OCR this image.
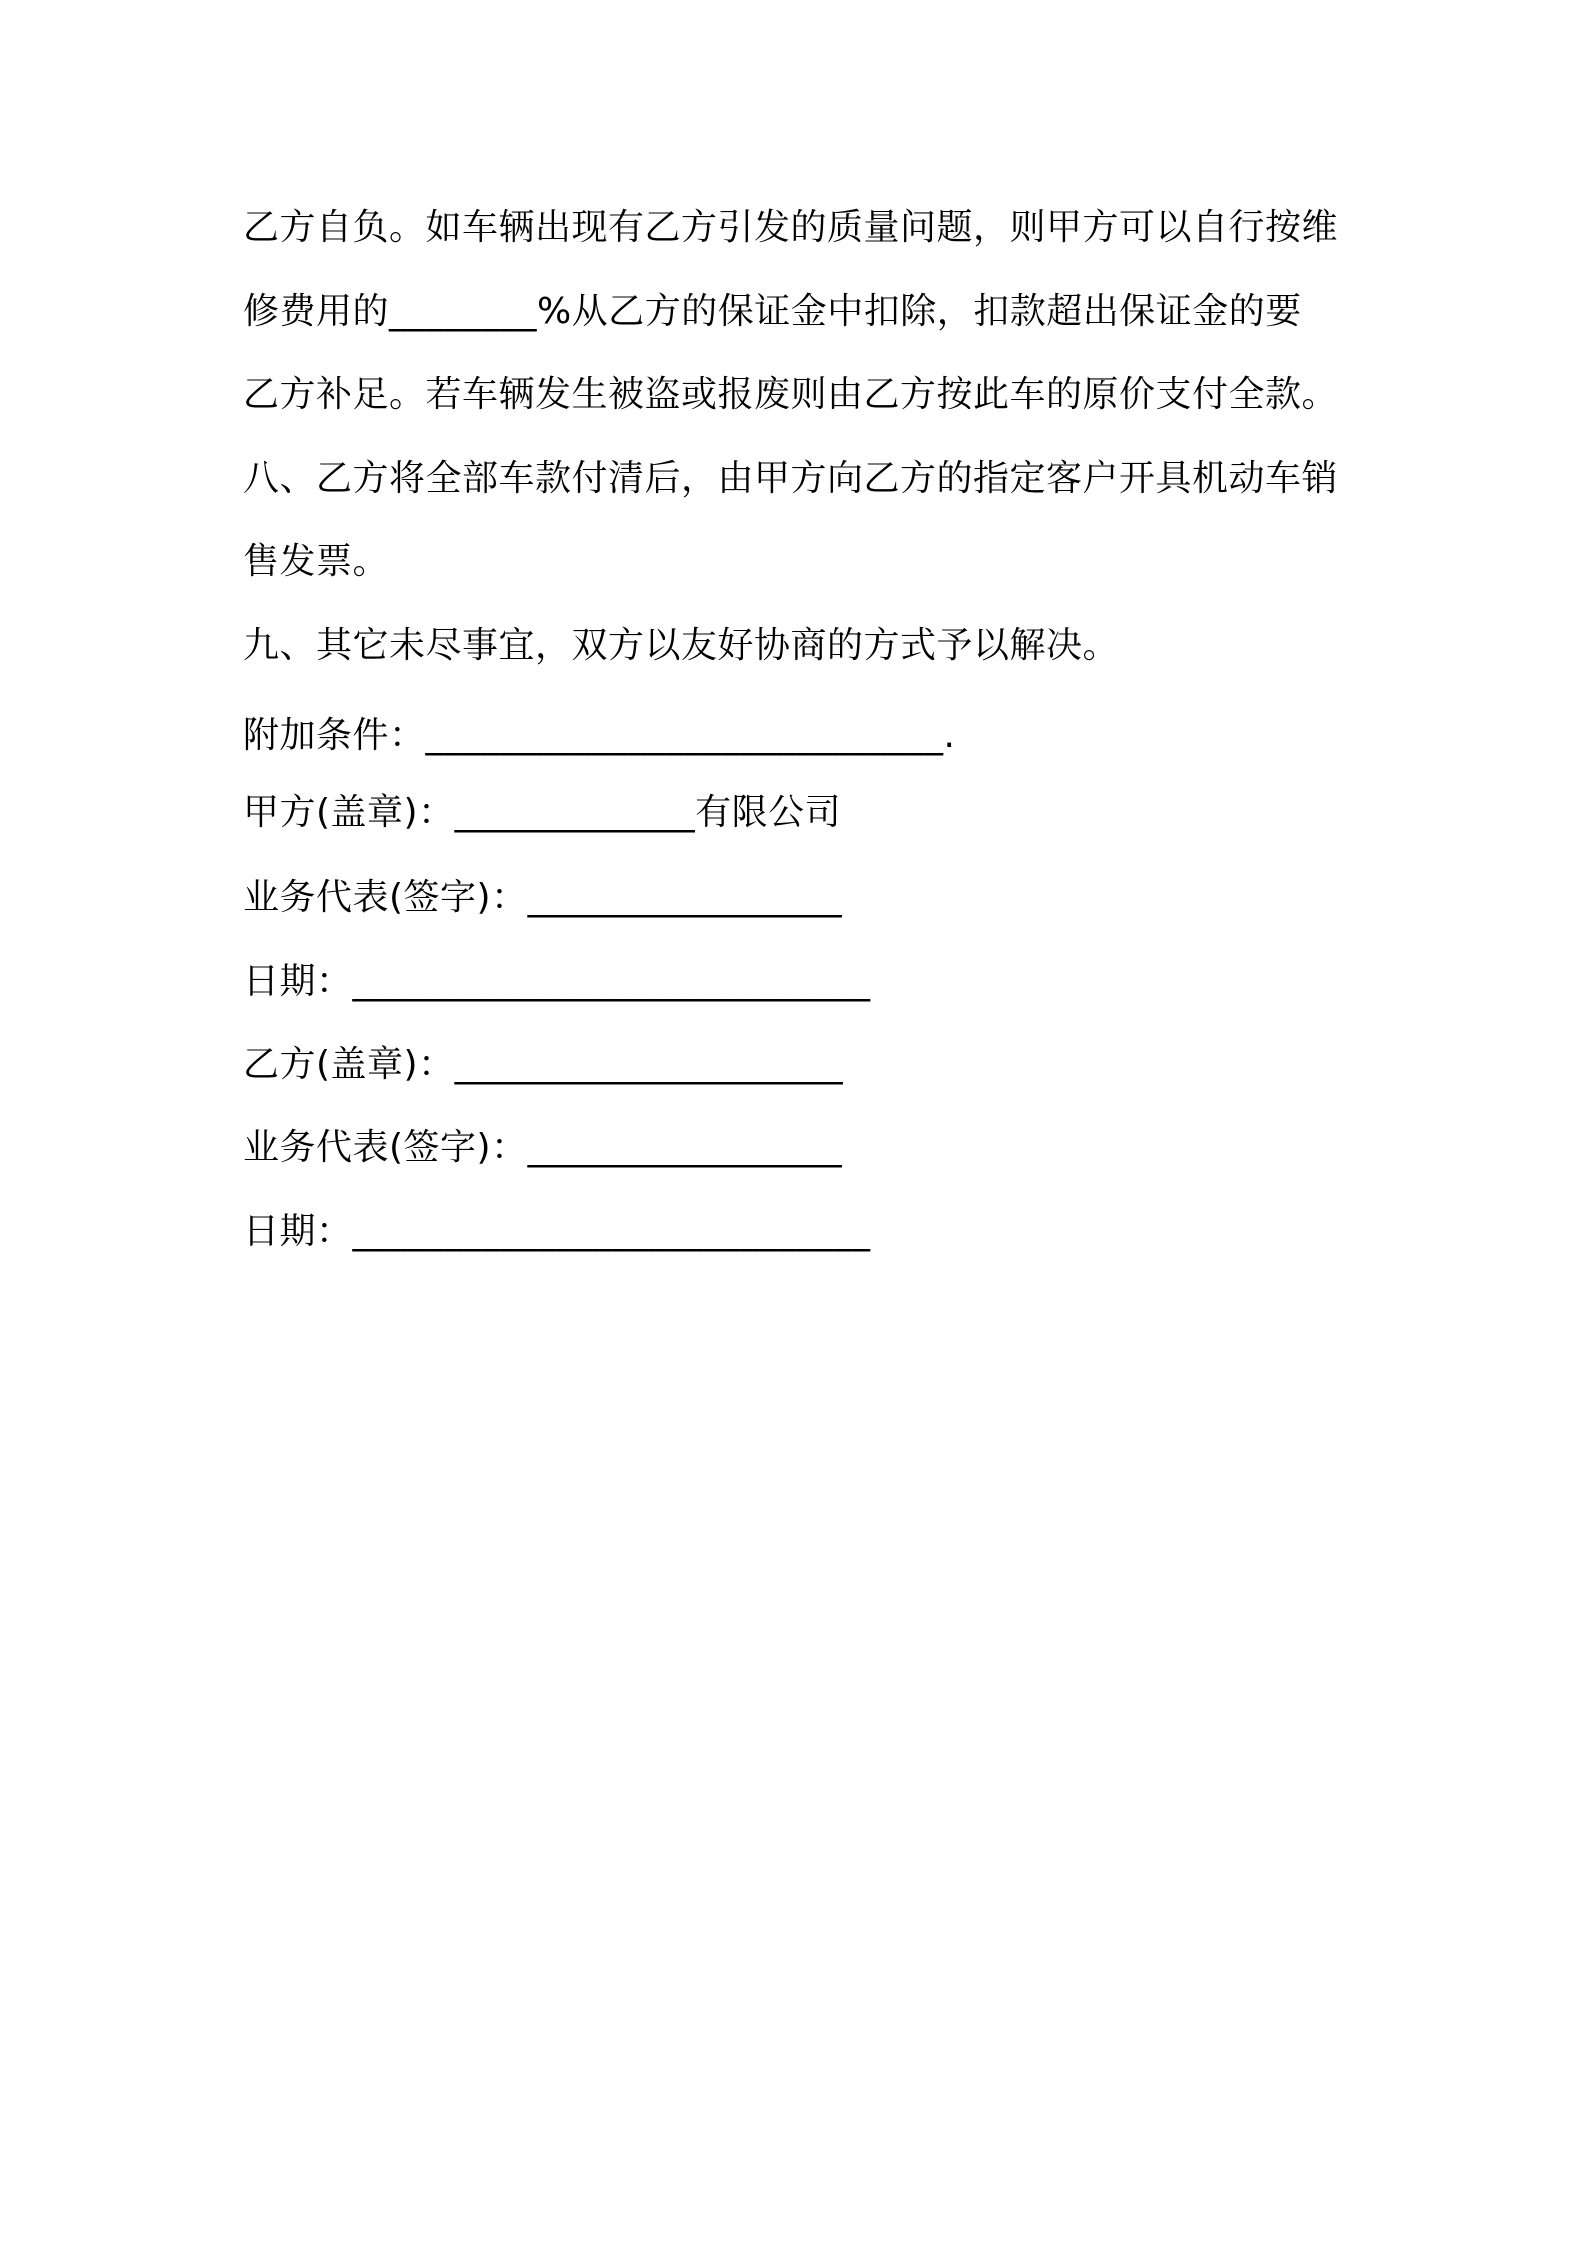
乙方自负。如车辆出现有乙方引发的质量问题，则甲方可以自行按维
修费用的________%从乙方的保证金中扣除，扣款超出保证金的要
乙方补足。若车辆发生被盗或报废则由乙方按此车的原价支付全款。
八、乙方将全部车款付清后，由甲方向乙方的指定客户开具机动车销
售发票。
九、其它未尽事宜，双方以友好协商的方式予以解决。
附加条件：____________________________.
甲方(盖章)：_____________有限公司
业务代表(签字)：_________________
日期：____________________________
乙方(盖章)：_____________________
业务代表(签字)：_________________
日期：____________________________
